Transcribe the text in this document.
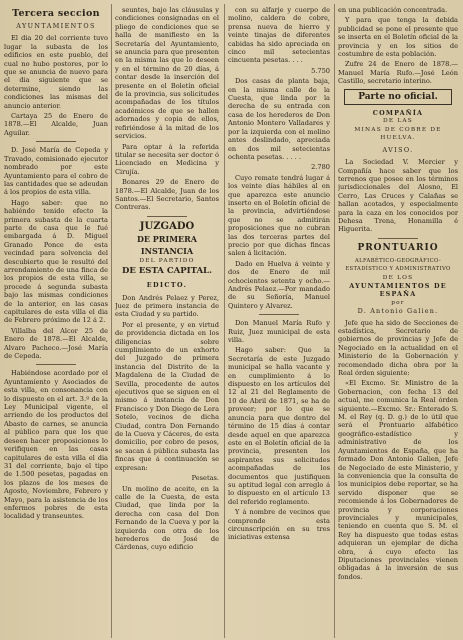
Tercera seccion
AYUNTAMIENTOS

El dia 20 del corriente tuvo lugar la subasta de los edificios en este pueblo, del cual no hubo postores, por lo que se anuncia de nuevo para el dia siguiente que se determine, siendo las condiciones las mismas del anuncio anterior.

Cartaya 25 de Enero de 1878.—El Alcalde, Juan Aguilar.

D. José María de Cepeda y Travado, comisionado ejecutor nombrado por este Ayuntamiento para el cobro de las cantidades que se adeudan á los propios de esta villa.

Hago saber: que no habiéndo tenido efecto la primera subasta de la cuarta parte de casa que le fué embargada á D. Miguel Granado Ponce de esta vecindad para solvencia del descubierto que le resultó del arrendamiento de una finca de los propios de esta villa, se procede á segunda subasta bajo las mismas condiciones de la anterior, en las casas capitulares de esta villa el dia de Febrero próximo de 12 á 2.

Villalba del Alcor 25 de Enero de 1878.—El Alcalde, Alvaro Pacheco.—José María de Cepeda.

Habiéndose acordado por el Ayuntamiento y Asociados de esta villa, en consonancia con lo dispuesto en el art. 3.º de la Ley Municipal vigente, el arriendo de los productos del Abasto de carnes, se anuncia al público para que los que deseen hacer proposiciones lo verifiquen en las casas capitulares de esta villa el dia 31 del corriente, bajo el tipo de 1.500 pesetas, pagadas en los plazos de los meses de Agosto, Noviembre, Febrero y Mayo, para la asistencia de los enfermos pobres de esta localidad y transeuntes.

seuntes, bajo las cláusulas y condiciones consignadas en el pliego de condiciones que se halla de manifiesto en la Secretaría del Ayuntamiento, se anuncia para que presenten en la misma las que lo deseen y en el término de 20 días, á contar desde la inserción del presente en el Boletín oficial de la provincia, sus solicitudes acompañadas de los títulos académicos de que se hallen adornados y copia de ellos, refiriéndose á la mitad de los servicios.

Para optar á la referida titular se necesita ser doctor ó Licenciado en Medicina y Cirujía.

Bonares 29 de Enero de 1878.—El Alcalde, Juan de los Santos.—El Secretario, Santos Contreras.

JUZGADO
DE PRIMERA INSTANCIA
DEL PARTIDO
DE ESTA CAPITAL.
EDICTO.

Don Andrés Pelaez y Perez, Juez de primera instancia de esta Ciudad y su partido.

Por el presente, y en virtud de providencia dictada en los diligencias sobre cumplimiento de un exhorto del Juzgado de primera instancia del Distrito de la Magdalena de la Ciudad de Sevilla, procedente de autos ejecutivos que se siguen en el mismo á instancia de Don Francisco y Don Diego de Lera Sotelo, vecinos de dicha Ciudad, contra Don Fernando de la Cueva y Cáceres, de esta domicilio, por cobro de pesos, se sacan á pública subasta las fincas que á continuación se expresan:

Pesetas.

Un molino de aceite, en la calle de la Cuesta, de esta Ciudad, que linda por la derecha con casa del Don Fernando de la Cueva y por la izquierda con otra de los herederos de José de Cárdenas, cuyo edificio

con su alfarje y cuerpo de molino, caldera de cobre, prensa nueva de hierro y veinte tinajas de diferentes cabidas ha sido apreciada en cinco mil setecientas cincuenta pesetas. . . .

5.750

Dos casas de planta baja, en la misma calle de la Cuesta, que linda por la derecha de su entrada con casa de los herederos de Don Antonio Montero Valladares y por la izquierda con el molino antes deslindado, apreciada en dos mil setecientas ochenta pesetas. . . . .

2.780

Cuyo remate tendrá lugar á los veinte días hábiles al en que aparezca este anuncio inserto en el Boletín oficial de la provincia, advirtiéndose que no se admitirán proposiciones que no cubran las dos terceras partes del precio por que dichas fincas salen á licitación.

Dado en Huelva á veinte y dos de Enero de mil ochocientos setenta y ocho.—Andrés Pelaez.—Por mandado de su Señoría, Manuel Quintero y Alvarez.

Don Manuel María Rufo y Ruiz, Juez municipal de esta villa.

Hago saber: Que la Secretaría de este Juzgado municipal se halla vacante y en cumplimiento á lo dispuesto en los artículos del 12 al 21 del Reglamento de 10 de Abril de 1871, se ha de proveer; por lo que se anuncia para que dentro del término de 15 días á contar desde aquel en que aparezca este en el Boletín oficial de la provincia, presenten los aspirantes sus solicitudes acompañadas de los documentos que justifiquen su aptitud legal con arreglo á lo dispuesto en el artículo 13 del referido reglamento.

Y á nombre de vecinos que comprende esta circunscripción en su tres iniciativas extensa

en una publicación concentrada.

Y para que tenga la debida publicidad se pone el presente que se inserta en el Boletín oficial de la provincia y en los sitios de costumbre de esta población.

Zufre 24 de Enero de 1878.—Manuel María Rufo.—José León Castillo, secretario interino.

Parte no oficial.
COMPAÑÍA
DE LAS
MINAS DE COBRE DE HUELVA.
AVISO.

La Sociedad V. Mercier y Compañía hace saber que los terrenos que posee en los términos jurisdiccionales del Alosno, El Cerro, Las Cruces y Calañas se hallan acotados, y especialmente para la caza en los conocidos por Dehesa Trena, Honamilla é Higuerita.

PRONTUARIO
ALFABÉTICO-GEOGRÁFICO-ESTADÍSTICO Y ADMINISTRATIVO
DE LOS
AYUNTAMIENTOS DE ESPAÑA
por
D. Antonio Galien.

Jefe que ha sido de Secciones de estadística, Secretario de gobiernos de provincias y Jefe de Negociado en la actualidad en el Ministerio de la Gobernación y recomendado dicha obra por la Real órden siguiente:

«El Excmo. Sr. Ministro de la Gobernacion, con fecha 13 del actual, me comunica la Real órden siguiente.—Excmo. Sr.: Enterado S. M. el Rey (q. D. g.) de lo útil que será el Prontuario alfabético geográfico-estadístico y administrativo de los Ayuntamientos de España, que ha formado Don Antonio Galien, Jefe de Negociado de este Ministerio, y la conveniencia que la consulta de los municipios debe reportar, se ha servido disponer que se recomiende á los Gobernadores de provincia y corporaciones provinciales y municipales, teniendo en cuenta que S. M. el Rey ha dispuesto que todas estas adquieran un ejemplar de dicha obra, á cuyo efecto las Diputaciones provinciales vienen obligadas á la inversión de sus fondos.
